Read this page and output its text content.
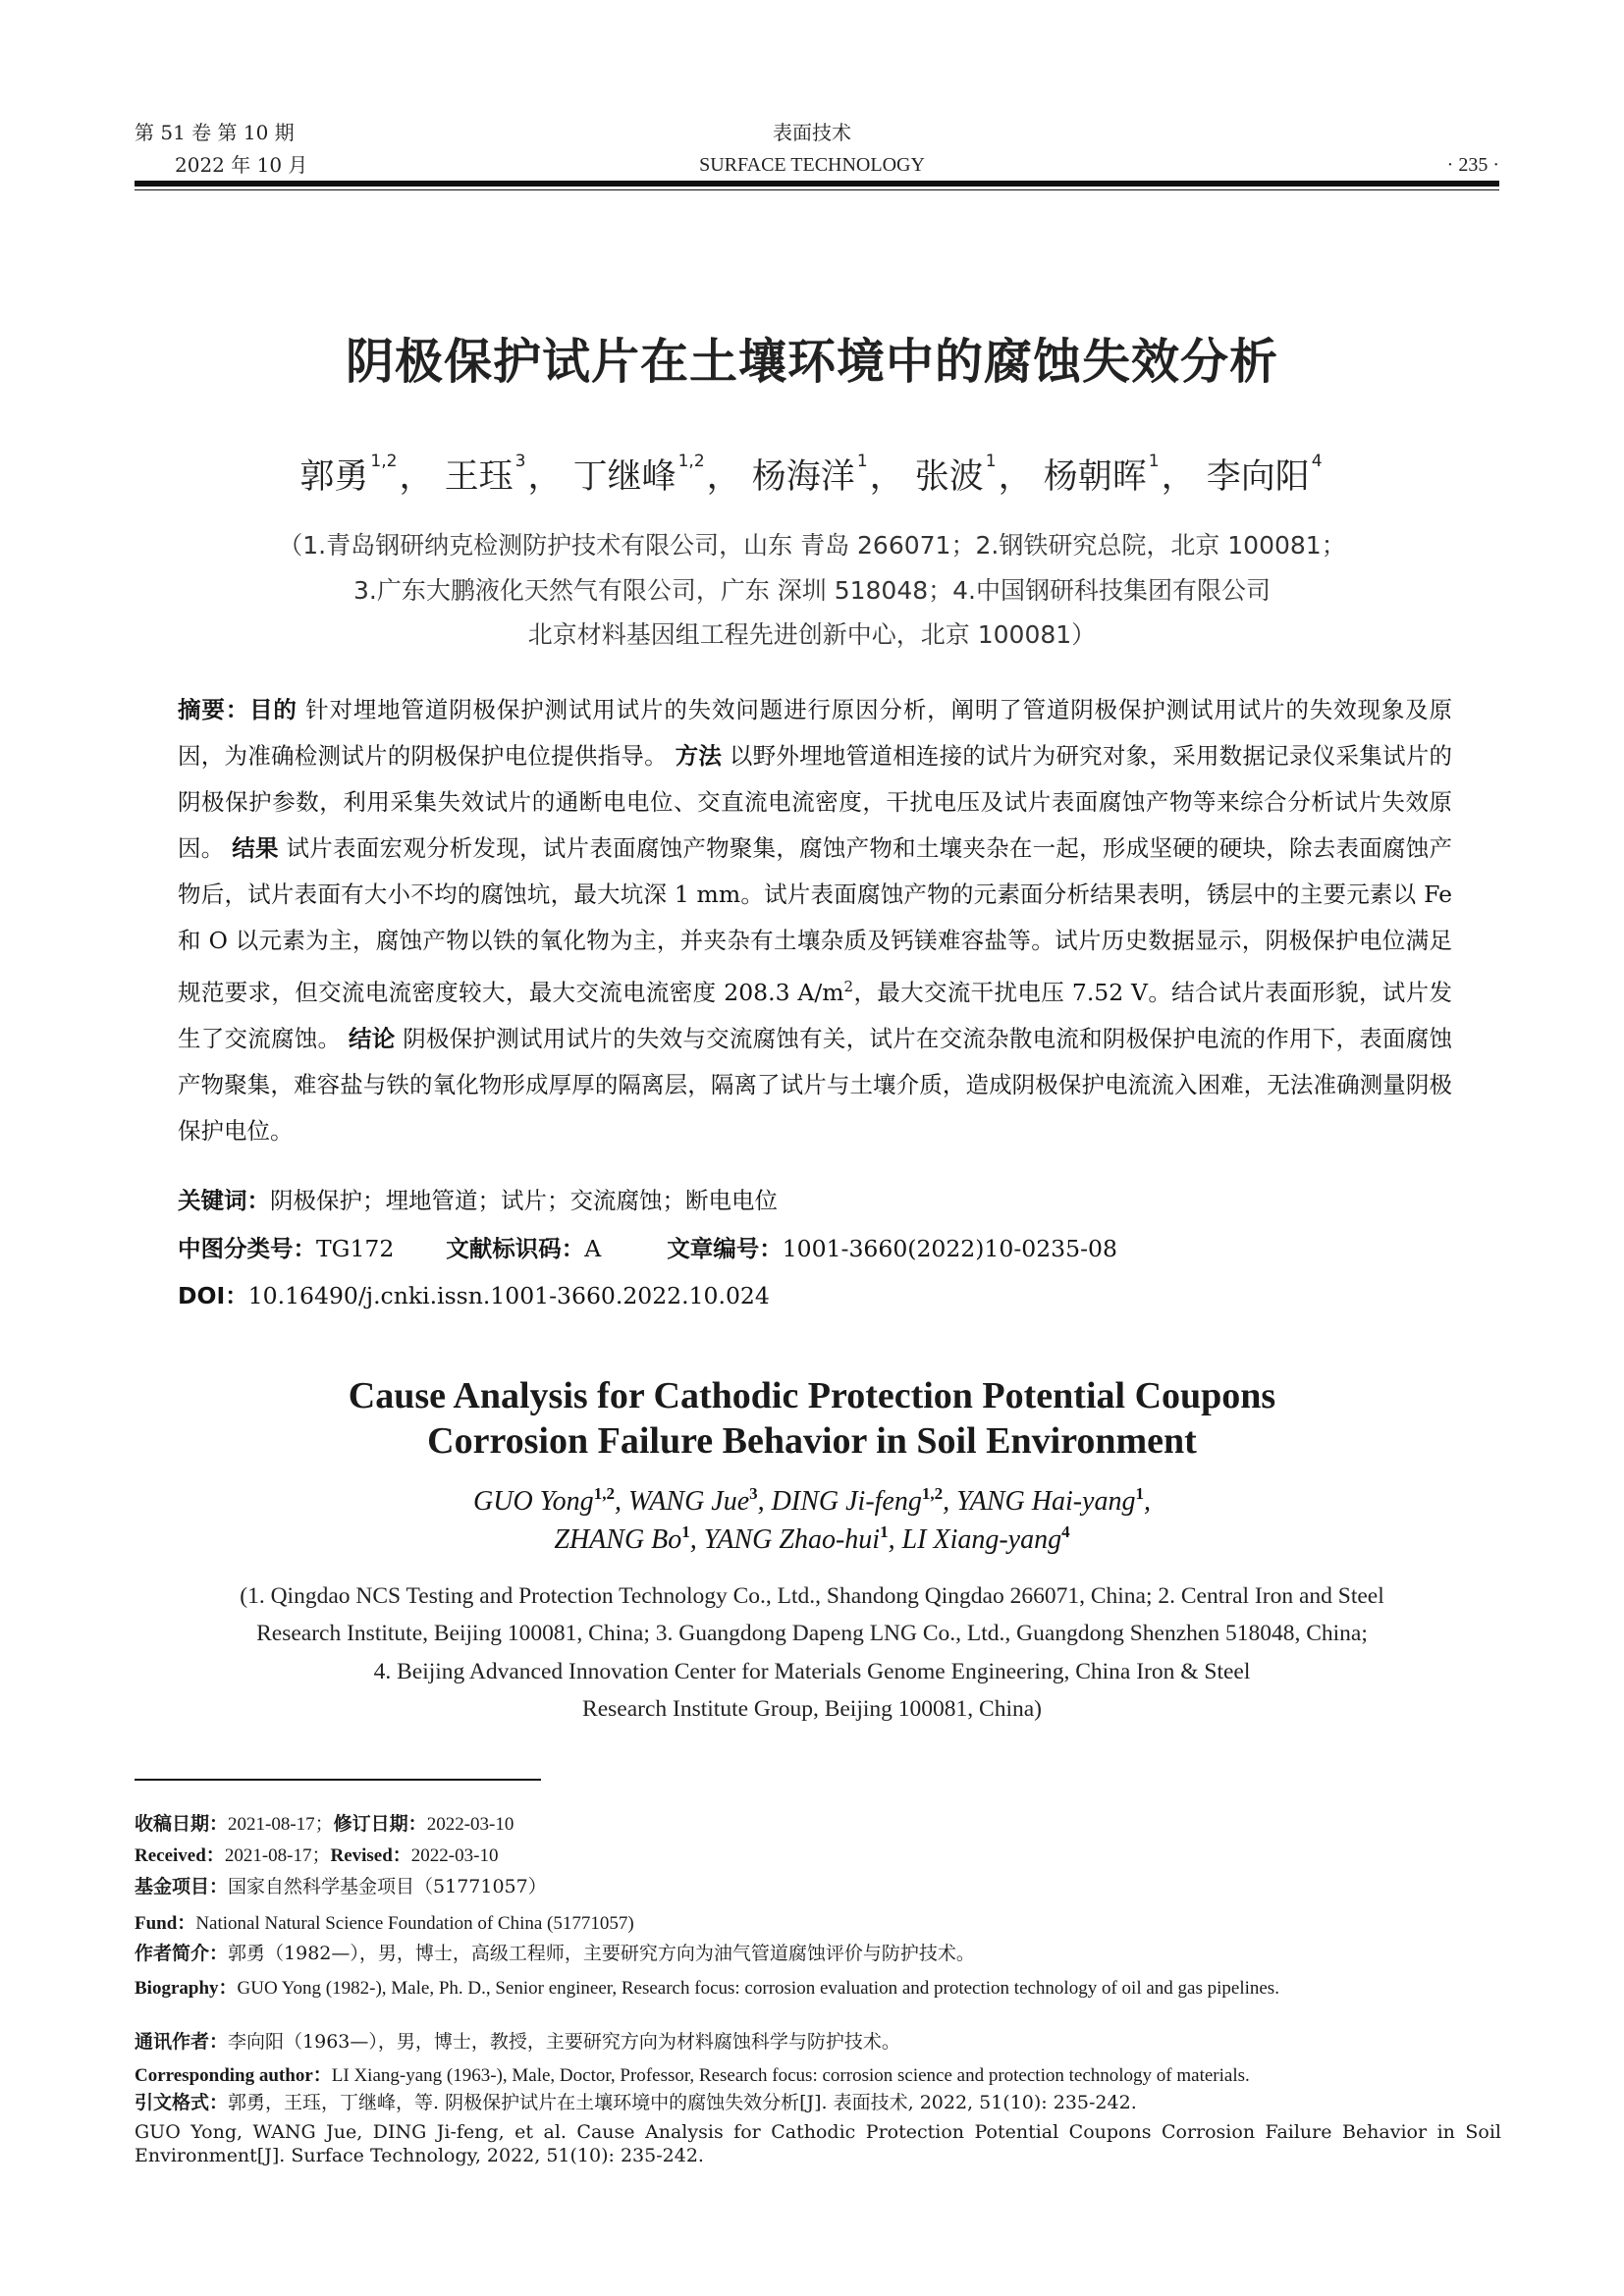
第 51 卷 第 10 期
2022 年 10 月
表面技术
SURFACE TECHNOLOGY	· 235 ·
阴极保护试片在土壤环境中的腐蚀失效分析
郭勇 $^{1,2}$， 王珏 $^3$， 丁继峰 $^{1,2}$， 杨海洋 $^1$， 张波 $^1$， 杨朝晖 $^1$， 李向阳 $^4$
（1.青岛钢研纳克检测防护技术有限公司，山东 青岛 266071；2.钢铁研究总院，北京 100081；
3.广东大鹏液化天然气有限公司，广东 深圳 518048；4.中国钢研科技集团有限公司
北京材料基因组工程先进创新中心，北京 100081）
摘要：目的 针对埋地管道阴极保护测试用试片的失效问题进行原因分析，阐明了管道阴极保护测试用试片的失效现象及原因，为准确检测试片的阴极保护电位提供指导。 方法 以野外埋地管道相连接的试片为研究对象，采用数据记录仪采集试片的阴极保护参数，利用采集失效试片的通断电电位、交直流电流密度，干扰电压及试片表面腐蚀产物等来综合分析试片失效原因。 结果 试片表面宏观分析发现，试片表面腐蚀产物聚集，腐蚀产物和土壤夹杂在一起，形成坚硬的硬块，除去表面腐蚀产物后，试片表面有大小不均的腐蚀坑，最大坑深 1 mm。试片表面腐蚀产物的元素面分析结果表明，锈层中的主要元素以 Fe 和 O 以元素为主，腐蚀产物以铁的氧化物为主，并夹杂有土壤杂质及钙镁难容盐等。试片历史数据显示，阴极保护电位满足规范要求，但交流电流密度较大，最大交流电流密度 208.3 $A/m^2$，最大交流干扰电压 7.52 V。结合试片表面形貌，试片发生了交流腐蚀。 结论 阴极保护测试用试片的失效与交流腐蚀有关，试片在交流杂散电流和阴极保护电流的作用下，表面腐蚀产物聚集，难容盐与铁的氧化物形成厚厚的隔离层，隔离了试片与土壤介质，造成阴极保护电流流入困难，无法准确测量阴极保护电位。
关键词：阴极保护；埋地管道；试片；交流腐蚀；断电电位
中图分类号：TG172 文献标识码：A	文章编号：1001-3660(2022)10-0235-08
DOI：10.16490/j.cnki.issn.1001-3660.2022.10.024
Cause Analysis for Cathodic Protection Potential Coupons
Corrosion Failure Behavior in Soil Environment
GUO Yong$^{1,2}$, WANG Jue$^3$, DING Ji-feng$^{1,2}$, YANG Hai-yang$^1$,
ZHANG Bo$^1$, YANG Zhao-hui$^1$, LI Xiang-yang$^4$
(1. Qingdao NCS Testing and Protection Technology Co., Ltd., Shandong Qingdao 266071, China; 2. Central Iron and Steel
Research Institute, Beijing 100081, China; 3. Guangdong Dapeng LNG Co., Ltd., Guangdong Shenzhen 518048, China;
4. Beijing Advanced Innovation Center for Materials Genome Engineering, China Iron & Steel
Research Institute Group, Beijing 100081, China)
收稿日期：2021-08-17；修订日期：2022-03-10
Received：2021-08-17；Revised：2022-03-10
基金项目：国家自然科学基金项目（51771057）
Fund：National Natural Science Foundation of China (51771057)
作者简介：郭勇（1982—），男，博士，高级工程师，主要研究方向为油气管道腐蚀评价与防护技术。
Biography：GUO Yong (1982-), Male, Ph. D., Senior engineer, Research focus: corrosion evaluation and protection technology of oil and gas pipelines.
通讯作者：李向阳（1963—），男，博士，教授，主要研究方向为材料腐蚀科学与防护技术。
Corresponding author：LI Xiang-yang (1963-), Male, Doctor, Professor, Research focus: corrosion science and protection technology of materials.
引文格式：郭勇，王珏，丁继峰，等. 阴极保护试片在土壤环境中的腐蚀失效分析[J]. 表面技术, 2022, 51(10): 235-242.
GUO Yong, WANG Jue, DING Ji-feng, et al. Cause Analysis for Cathodic Protection Potential Coupons Corrosion Failure Behavior in Soil Environment[J]. Surface Technology, 2022, 51(10): 235-242.
